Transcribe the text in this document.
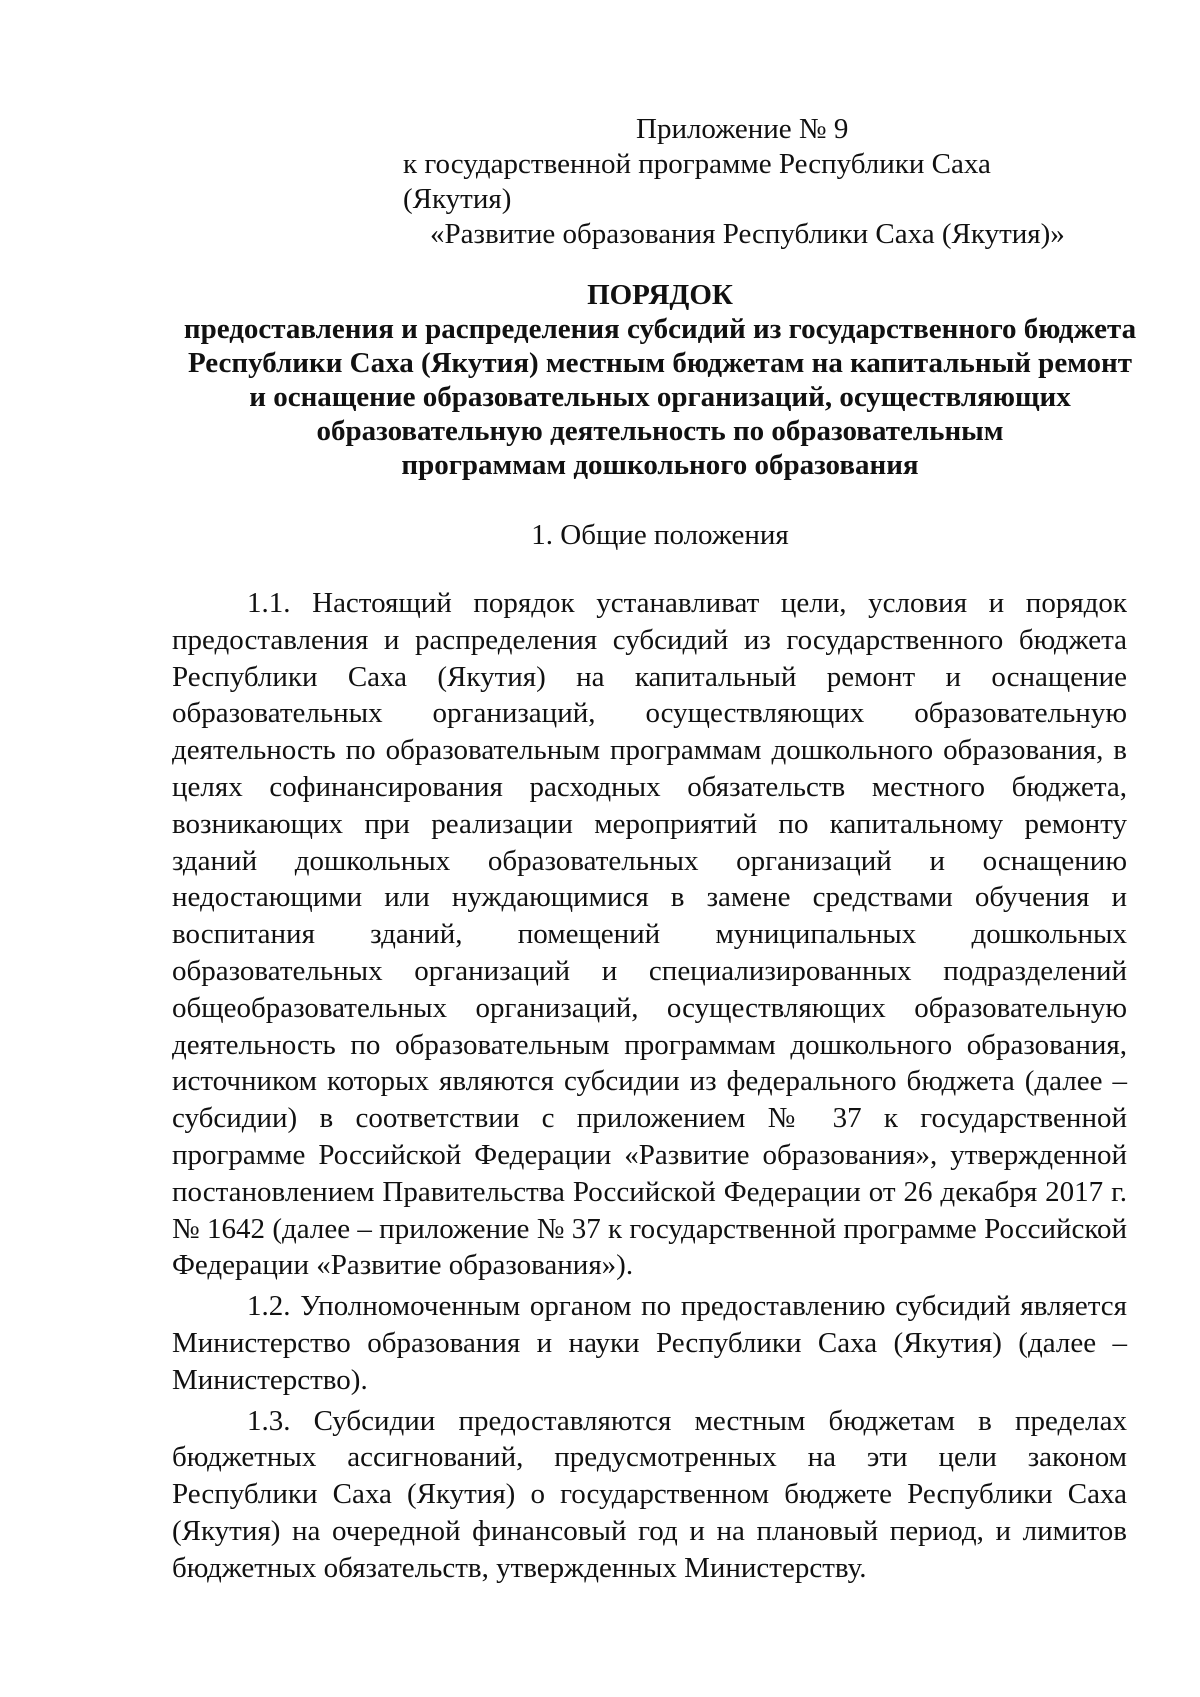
Приложение № 9
к государственной программе Республики Саха (Якутия)
«Развитие образования Республики Саха (Якутия)»
ПОРЯДОК
предоставления и распределения субсидий из государственного бюджета
Республики Саха (Якутия) местным бюджетам на капитальный ремонт
и оснащение образовательных организаций, осуществляющих
образовательную деятельность по образовательным
программам дошкольного образования
1. Общие положения

1.1. Настоящий порядок устанавливат цели, условия и порядок предоставления и распределения субсидий из государственного бюджета Республики Саха (Якутия) на капитальный ремонт и оснащение образовательных организаций, осуществляющих образовательную деятельность по образовательным программам дошкольного образования, в целях софинансирования расходных обязательств местного бюджета, возникающих при реализации мероприятий по капитальному ремонту зданий дошкольных образовательных организаций и оснащению недостающими или нуждающимися в замене средствами обучения и воспитания зданий, помещений муниципальных дошкольных образовательных организаций и специализированных подразделений общеобразовательных организаций, осуществляющих образовательную деятельность по образовательным программам дошкольного образования, источником которых являются субсидии из федерального бюджета (далее – субсидии) в соответствии с приложением № 37 к государственной программе Российской Федерации «Развитие образования», утвержденной постановлением Правительства Российской Федерации от 26 декабря 2017 г. № 1642 (далее – приложение № 37 к государственной программе Российской Федерации «Развитие образования»).

1.2. Уполномоченным органом по предоставлению субсидий является Министерство образования и науки Республики Саха (Якутия) (далее – Министерство).

1.3. Субсидии предоставляются местным бюджетам в пределах бюджетных ассигнований, предусмотренных на эти цели законом Республики Саха (Якутия) о государственном бюджете Республики Саха (Якутия) на очередной финансовый год и на плановый период, и лимитов бюджетных обязательств, утвержденных Министерству.
